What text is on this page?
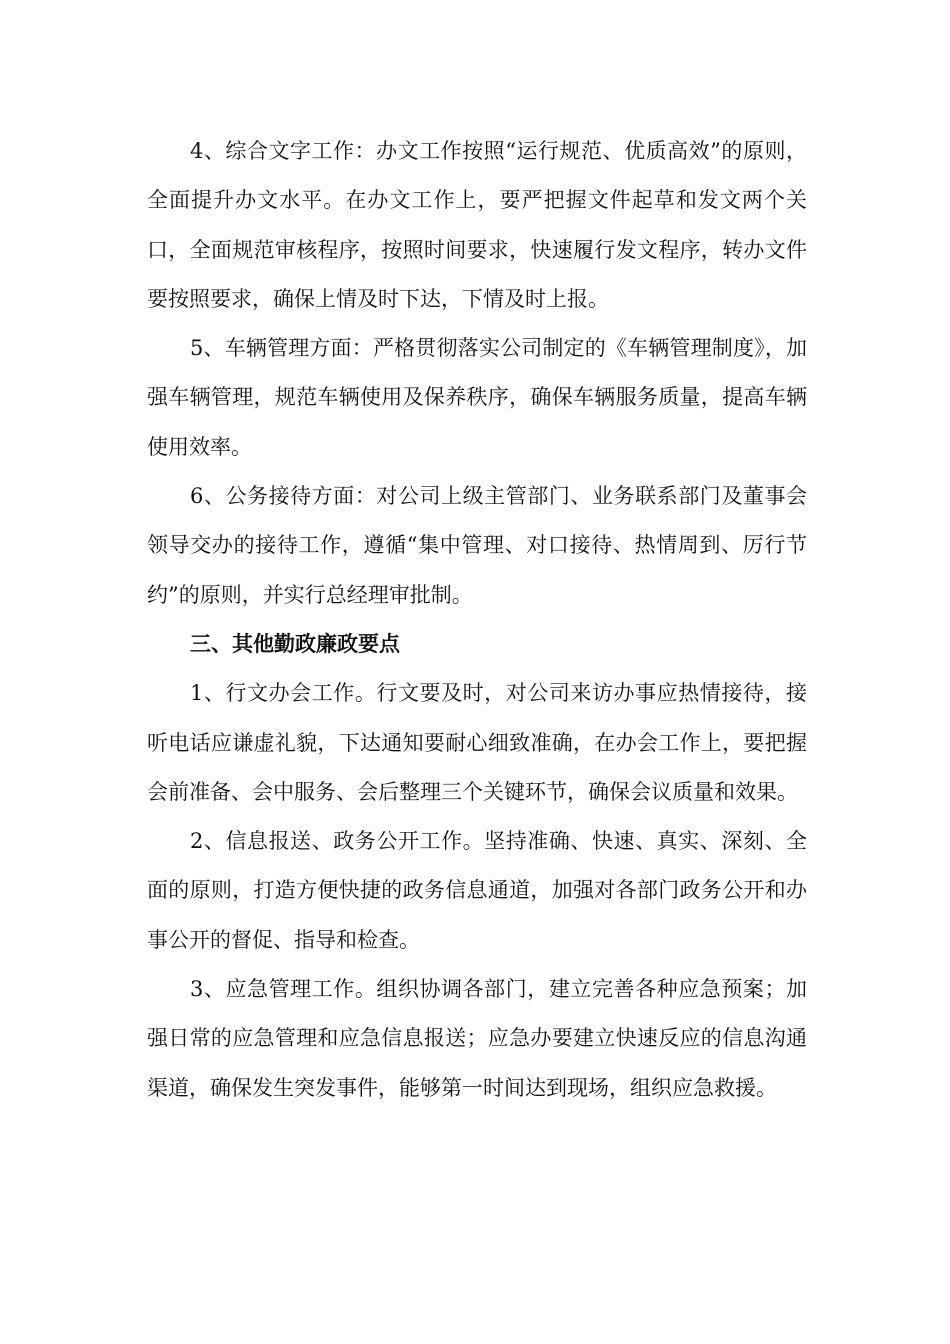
4、综合文字工作：办文工作按照“运行规范、优质高效”的原则，全面提升办文水平。在办文工作上，要严把握文件起草和发文两个关口，全面规范审核程序，按照时间要求，快速履行发文程序，转办文件要按照要求，确保上情及时下达，下情及时上报。

5、车辆管理方面：严格贯彻落实公司制定的《车辆管理制度》，加强车辆管理，规范车辆使用及保养秩序，确保车辆服务质量，提高车辆使用效率。

6、公务接待方面：对公司上级主管部门、业务联系部门及董事会领导交办的接待工作，遵循“集中管理、对口接待、热情周到、厉行节约”的原则，并实行总经理审批制。

三、其他勤政廉政要点

1、行文办会工作。行文要及时，对公司来访办事应热情接待，接听电话应谦虚礼貌，下达通知要耐心细致准确，在办会工作上，要把握会前准备、会中服务、会后整理三个关键环节，确保会议质量和效果。

2、信息报送、政务公开工作。坚持准确、快速、真实、深刻、全面的原则，打造方便快捷的政务信息通道，加强对各部门政务公开和办事公开的督促、指导和检查。

3、应急管理工作。组织协调各部门，建立完善各种应急预案；加强日常的应急管理和应急信息报送；应急办要建立快速反应的信息沟通渠道，确保发生突发事件，能够第一时间达到现场，组织应急救援。
